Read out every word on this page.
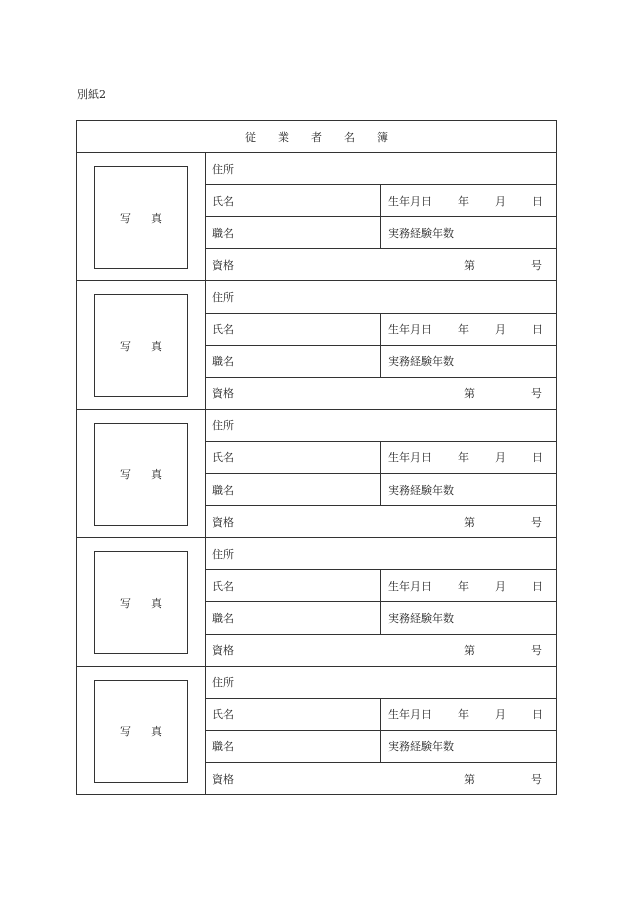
別紙2
従業者名簿
写真
住所
氏名	生年月日 年 月 日
職名	実務経験年数
資格	第	号
写真
住所
氏名	生年月日 年 月 日
職名	実務経験年数
資格	第	号
写真
住所
氏名	生年月日 年 月 日
職名	実務経験年数
資格	第	号
写真
住所
氏名	生年月日 年 月 日
職名	実務経験年数
資格	第	号
写真
住所
氏名	生年月日 年 月 日
職名	実務経験年数
資格	第	号
